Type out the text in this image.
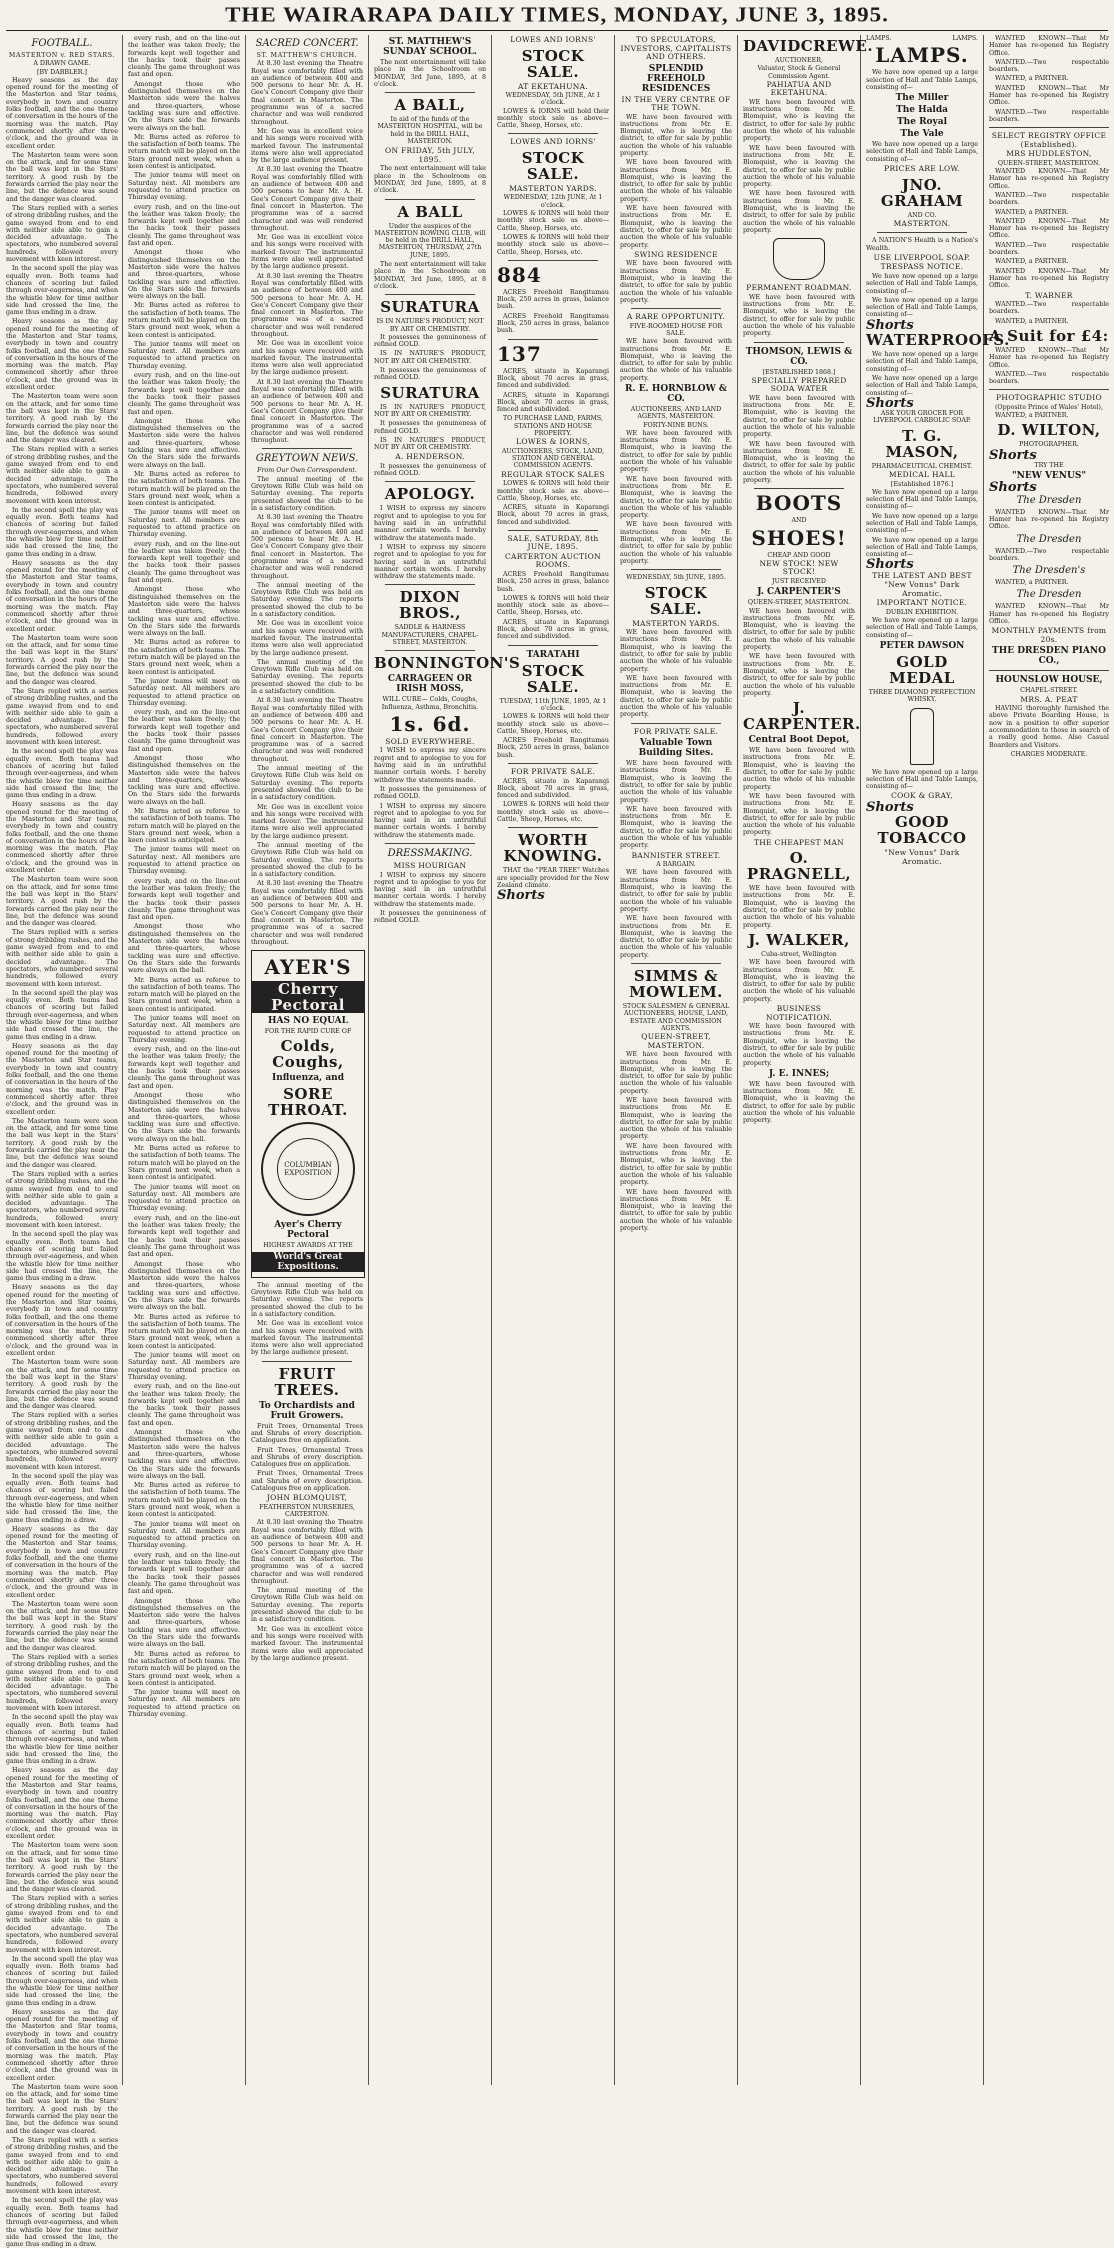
THE WAIRARAPA DAILY TIMES, MONDAY, JUNE 3, 1895.
FOOTBALL.
MASTERTON v. RED STARS.
A DRAWN GAME.
[BY DABBLER.]

Heavy seasons as the day opened round for the meeting of the Masterton and Star teams, everybody in town and country folks football, and the one theme of conversation in the hours of the morning was the match. Play commenced shortly after three o'clock, and the ground was in excellent order.

The Masterton team were soon on the attack, and for some time the ball was kept in the Stars' territory. A good rush by the forwards carried the play near the line, but the defence was sound and the danger was cleared.

The Stars replied with a series of strong dribbling rushes, and the game swayed from end to end with neither side able to gain a decided advantage. The spectators, who numbered several hundreds, followed every movement with keen interest.

In the second spell the play was equally even. Both teams had chances of scoring but failed through over-eagerness, and when the whistle blew for time neither side had crossed the line, the game thus ending in a draw.

Heavy seasons as the day opened round for the meeting of the Masterton and Star teams, everybody in town and country folks football, and the one theme of conversation in the hours of the morning was the match. Play commenced shortly after three o'clock, and the ground was in excellent order.

The Masterton team were soon on the attack, and for some time the ball was kept in the Stars' territory. A good rush by the forwards carried the play near the line, but the defence was sound and the danger was cleared.

The Stars replied with a series of strong dribbling rushes, and the game swayed from end to end with neither side able to gain a decided advantage. The spectators, who numbered several hundreds, followed every movement with keen interest.

In the second spell the play was equally even. Both teams had chances of scoring but failed through over-eagerness, and when the whistle blew for time neither side had crossed the line, the game thus ending in a draw.

Heavy seasons as the day opened round for the meeting of the Masterton and Star teams, everybody in town and country folks football, and the one theme of conversation in the hours of the morning was the match. Play commenced shortly after three o'clock, and the ground was in excellent order.

The Masterton team were soon on the attack, and for some time the ball was kept in the Stars' territory. A good rush by the forwards carried the play near the line, but the defence was sound and the danger was cleared.

The Stars replied with a series of strong dribbling rushes, and the game swayed from end to end with neither side able to gain a decided advantage. The spectators, who numbered several hundreds, followed every movement with keen interest.

In the second spell the play was equally even. Both teams had chances of scoring but failed through over-eagerness, and when the whistle blew for time neither side had crossed the line, the game thus ending in a draw.

Heavy seasons as the day opened round for the meeting of the Masterton and Star teams, everybody in town and country folks football, and the one theme of conversation in the hours of the morning was the match. Play commenced shortly after three o'clock, and the ground was in excellent order.

The Masterton team were soon on the attack, and for some time the ball was kept in the Stars' territory. A good rush by the forwards carried the play near the line, but the defence was sound and the danger was cleared.

The Stars replied with a series of strong dribbling rushes, and the game swayed from end to end with neither side able to gain a decided advantage. The spectators, who numbered several hundreds, followed every movement with keen interest.

In the second spell the play was equally even. Both teams had chances of scoring but failed through over-eagerness, and when the whistle blew for time neither side had crossed the line, the game thus ending in a draw.

Heavy seasons as the day opened round for the meeting of the Masterton and Star teams, everybody in town and country folks football, and the one theme of conversation in the hours of the morning was the match. Play commenced shortly after three o'clock, and the ground was in excellent order.

The Masterton team were soon on the attack, and for some time the ball was kept in the Stars' territory. A good rush by the forwards carried the play near the line, but the defence was sound and the danger was cleared.

The Stars replied with a series of strong dribbling rushes, and the game swayed from end to end with neither side able to gain a decided advantage. The spectators, who numbered several hundreds, followed every movement with keen interest.

In the second spell the play was equally even. Both teams had chances of scoring but failed through over-eagerness, and when the whistle blew for time neither side had crossed the line, the game thus ending in a draw.

Heavy seasons as the day opened round for the meeting of the Masterton and Star teams, everybody in town and country folks football, and the one theme of conversation in the hours of the morning was the match. Play commenced shortly after three o'clock, and the ground was in excellent order.

The Masterton team were soon on the attack, and for some time the ball was kept in the Stars' territory. A good rush by the forwards carried the play near the line, but the defence was sound and the danger was cleared.

The Stars replied with a series of strong dribbling rushes, and the game swayed from end to end with neither side able to gain a decided advantage. The spectators, who numbered several hundreds, followed every movement with keen interest.

In the second spell the play was equally even. Both teams had chances of scoring but failed through over-eagerness, and when the whistle blew for time neither side had crossed the line, the game thus ending in a draw.

Heavy seasons as the day opened round for the meeting of the Masterton and Star teams, everybody in town and country folks football, and the one theme of conversation in the hours of the morning was the match. Play commenced shortly after three o'clock, and the ground was in excellent order.

The Masterton team were soon on the attack, and for some time the ball was kept in the Stars' territory. A good rush by the forwards carried the play near the line, but the defence was sound and the danger was cleared.

The Stars replied with a series of strong dribbling rushes, and the game swayed from end to end with neither side able to gain a decided advantage. The spectators, who numbered several hundreds, followed every movement with keen interest.

In the second spell the play was equally even. Both teams had chances of scoring but failed through over-eagerness, and when the whistle blew for time neither side had crossed the line, the game thus ending in a draw.

Heavy seasons as the day opened round for the meeting of the Masterton and Star teams, everybody in town and country folks football, and the one theme of conversation in the hours of the morning was the match. Play commenced shortly after three o'clock, and the ground was in excellent order.

The Masterton team were soon on the attack, and for some time the ball was kept in the Stars' territory. A good rush by the forwards carried the play near the line, but the defence was sound and the danger was cleared.

The Stars replied with a series of strong dribbling rushes, and the game swayed from end to end with neither side able to gain a decided advantage. The spectators, who numbered several hundreds, followed every movement with keen interest.

In the second spell the play was equally even. Both teams had chances of scoring but failed through over-eagerness, and when the whistle blew for time neither side had crossed the line, the game thus ending in a draw.

Heavy seasons as the day opened round for the meeting of the Masterton and Star teams, everybody in town and country folks football, and the one theme of conversation in the hours of the morning was the match. Play commenced shortly after three o'clock, and the ground was in excellent order.

The Masterton team were soon on the attack, and for some time the ball was kept in the Stars' territory. A good rush by the forwards carried the play near the line, but the defence was sound and the danger was cleared.

The Stars replied with a series of strong dribbling rushes, and the game swayed from end to end with neither side able to gain a decided advantage. The spectators, who numbered several hundreds, followed every movement with keen interest.

In the second spell the play was equally even. Both teams had chances of scoring but failed through over-eagerness, and when the whistle blew for time neither side had crossed the line, the game thus ending in a draw.

every rush, and on the line-out the leather was taken freely; the forwards kept well together and the backs took their passes cleanly. The game throughout was fast and open.

Amongst those who distinguished themselves on the Masterton side were the halves and three-quarters, whose tackling was sure and effective. On the Stars side the forwards were always on the ball.

Mr. Burns acted as referee to the satisfaction of both teams. The return match will be played on the Stars ground next week, when a keen contest is anticipated.

The junior teams will meet on Saturday next. All members are requested to attend practice on Thursday evening.

every rush, and on the line-out the leather was taken freely; the forwards kept well together and the backs took their passes cleanly. The game throughout was fast and open.

Amongst those who distinguished themselves on the Masterton side were the halves and three-quarters, whose tackling was sure and effective. On the Stars side the forwards were always on the ball.

Mr. Burns acted as referee to the satisfaction of both teams. The return match will be played on the Stars ground next week, when a keen contest is anticipated.

The junior teams will meet on Saturday next. All members are requested to attend practice on Thursday evening.

every rush, and on the line-out the leather was taken freely; the forwards kept well together and the backs took their passes cleanly. The game throughout was fast and open.

Amongst those who distinguished themselves on the Masterton side were the halves and three-quarters, whose tackling was sure and effective. On the Stars side the forwards were always on the ball.

Mr. Burns acted as referee to the satisfaction of both teams. The return match will be played on the Stars ground next week, when a keen contest is anticipated.

The junior teams will meet on Saturday next. All members are requested to attend practice on Thursday evening.

every rush, and on the line-out the leather was taken freely; the forwards kept well together and the backs took their passes cleanly. The game throughout was fast and open.

Amongst those who distinguished themselves on the Masterton side were the halves and three-quarters, whose tackling was sure and effective. On the Stars side the forwards were always on the ball.

Mr. Burns acted as referee to the satisfaction of both teams. The return match will be played on the Stars ground next week, when a keen contest is anticipated.

The junior teams will meet on Saturday next. All members are requested to attend practice on Thursday evening.

every rush, and on the line-out the leather was taken freely; the forwards kept well together and the backs took their passes cleanly. The game throughout was fast and open.

Amongst those who distinguished themselves on the Masterton side were the halves and three-quarters, whose tackling was sure and effective. On the Stars side the forwards were always on the ball.

Mr. Burns acted as referee to the satisfaction of both teams. The return match will be played on the Stars ground next week, when a keen contest is anticipated.

The junior teams will meet on Saturday next. All members are requested to attend practice on Thursday evening.

every rush, and on the line-out the leather was taken freely; the forwards kept well together and the backs took their passes cleanly. The game throughout was fast and open.

Amongst those who distinguished themselves on the Masterton side were the halves and three-quarters, whose tackling was sure and effective. On the Stars side the forwards were always on the ball.

Mr. Burns acted as referee to the satisfaction of both teams. The return match will be played on the Stars ground next week, when a keen contest is anticipated.

The junior teams will meet on Saturday next. All members are requested to attend practice on Thursday evening.

every rush, and on the line-out the leather was taken freely; the forwards kept well together and the backs took their passes cleanly. The game throughout was fast and open.

Amongst those who distinguished themselves on the Masterton side were the halves and three-quarters, whose tackling was sure and effective. On the Stars side the forwards were always on the ball.

Mr. Burns acted as referee to the satisfaction of both teams. The return match will be played on the Stars ground next week, when a keen contest is anticipated.

The junior teams will meet on Saturday next. All members are requested to attend practice on Thursday evening.

every rush, and on the line-out the leather was taken freely; the forwards kept well together and the backs took their passes cleanly. The game throughout was fast and open.

Amongst those who distinguished themselves on the Masterton side were the halves and three-quarters, whose tackling was sure and effective. On the Stars side the forwards were always on the ball.

Mr. Burns acted as referee to the satisfaction of both teams. The return match will be played on the Stars ground next week, when a keen contest is anticipated.

The junior teams will meet on Saturday next. All members are requested to attend practice on Thursday evening.

every rush, and on the line-out the leather was taken freely; the forwards kept well together and the backs took their passes cleanly. The game throughout was fast and open.

Amongst those who distinguished themselves on the Masterton side were the halves and three-quarters, whose tackling was sure and effective. On the Stars side the forwards were always on the ball.

Mr. Burns acted as referee to the satisfaction of both teams. The return match will be played on the Stars ground next week, when a keen contest is anticipated.

The junior teams will meet on Saturday next. All members are requested to attend practice on Thursday evening.

every rush, and on the line-out the leather was taken freely; the forwards kept well together and the backs took their passes cleanly. The game throughout was fast and open.

Amongst those who distinguished themselves on the Masterton side were the halves and three-quarters, whose tackling was sure and effective. On the Stars side the forwards were always on the ball.

Mr. Burns acted as referee to the satisfaction of both teams. The return match will be played on the Stars ground next week, when a keen contest is anticipated.

The junior teams will meet on Saturday next. All members are requested to attend practice on Thursday evening.

SACRED CONCERT.
ST. MATTHEW'S CHURCH.

At 8.30 last evening the Theatre Royal was comfortably filled with an audience of between 400 and 500 persons to hear Mr. A. H. Gee's Concert Company give their final concert in Masterton. The programme was of a sacred character and was well rendered throughout.

Mr. Gee was in excellent voice and his songs were received with marked favour. The instrumental items were also well appreciated by the large audience present.

At 8.30 last evening the Theatre Royal was comfortably filled with an audience of between 400 and 500 persons to hear Mr. A. H. Gee's Concert Company give their final concert in Masterton. The programme was of a sacred character and was well rendered throughout.

Mr. Gee was in excellent voice and his songs were received with marked favour. The instrumental items were also well appreciated by the large audience present.

At 8.30 last evening the Theatre Royal was comfortably filled with an audience of between 400 and 500 persons to hear Mr. A. H. Gee's Concert Company give their final concert in Masterton. The programme was of a sacred character and was well rendered throughout.

Mr. Gee was in excellent voice and his songs were received with marked favour. The instrumental items were also well appreciated by the large audience present.

At 8.30 last evening the Theatre Royal was comfortably filled with an audience of between 400 and 500 persons to hear Mr. A. H. Gee's Concert Company give their final concert in Masterton. The programme was of a sacred character and was well rendered throughout.

GREYTOWN NEWS.
From Our Own Correspondent.

The annual meeting of the Greytown Rifle Club was held on Saturday evening. The reports presented showed the club to be in a satisfactory condition.

At 8.30 last evening the Theatre Royal was comfortably filled with an audience of between 400 and 500 persons to hear Mr. A. H. Gee's Concert Company give their final concert in Masterton. The programme was of a sacred character and was well rendered throughout.

The annual meeting of the Greytown Rifle Club was held on Saturday evening. The reports presented showed the club to be in a satisfactory condition.

Mr. Gee was in excellent voice and his songs were received with marked favour. The instrumental items were also well appreciated by the large audience present.

The annual meeting of the Greytown Rifle Club was held on Saturday evening. The reports presented showed the club to be in a satisfactory condition.

At 8.30 last evening the Theatre Royal was comfortably filled with an audience of between 400 and 500 persons to hear Mr. A. H. Gee's Concert Company give their final concert in Masterton. The programme was of a sacred character and was well rendered throughout.

The annual meeting of the Greytown Rifle Club was held on Saturday evening. The reports presented showed the club to be in a satisfactory condition.

Mr. Gee was in excellent voice and his songs were received with marked favour. The instrumental items were also well appreciated by the large audience present.

The annual meeting of the Greytown Rifle Club was held on Saturday evening. The reports presented showed the club to be in a satisfactory condition.

At 8.30 last evening the Theatre Royal was comfortably filled with an audience of between 400 and 500 persons to hear Mr. A. H. Gee's Concert Company give their final concert in Masterton. The programme was of a sacred character and was well rendered throughout.

AYER'S
Cherry Pectoral
HAS NO EQUAL
FOR THE RAPID CURE OF
Colds, Coughs,
Influenza, and
SORE THROAT.
COLUMBIAN EXPOSITION
Ayer's Cherry Pectoral
HIGHEST AWARDS AT THE
World's Great Expositions.

The annual meeting of the Greytown Rifle Club was held on Saturday evening. The reports presented showed the club to be in a satisfactory condition.

Mr. Gee was in excellent voice and his songs were received with marked favour. The instrumental items were also well appreciated by the large audience present.

FRUIT TREES.
To Orchardists and Fruit Growers.

Fruit Trees, Ornamental Trees and Shrubs of every description. Catalogues free on application.

Fruit Trees, Ornamental Trees and Shrubs of every description. Catalogues free on application.

Fruit Trees, Ornamental Trees and Shrubs of every description. Catalogues free on application.

JOHN BLOMQUIST,
FEATHERSTON NURSERIES, CARTERTON.

At 8.30 last evening the Theatre Royal was comfortably filled with an audience of between 400 and 500 persons to hear Mr. A. H. Gee's Concert Company give their final concert in Masterton. The programme was of a sacred character and was well rendered throughout.

The annual meeting of the Greytown Rifle Club was held on Saturday evening. The reports presented showed the club to be in a satisfactory condition.

Mr. Gee was in excellent voice and his songs were received with marked favour. The instrumental items were also well appreciated by the large audience present.

ST. MATTHEW'S SUNDAY SCHOOL.

The next entertainment will take place in the Schoolroom on MONDAY, 3rd June, 1895, at 8 o'clock.

A BALL,

In aid of the funds of the MASTERTON HOSPITAL, will be held in the DRILL HALL, MASTERTON.

ON FRIDAY, 5th JULY, 1895.

The next entertainment will take place in the Schoolroom on MONDAY, 3rd June, 1895, at 8 o'clock.

A BALL

Under the auspices of the MASTERTON ROWING CLUB, will be held in the DRILL HALL, MASTERTON, THURSDAY, 27th JUNE, 1895.

The next entertainment will take place in the Schoolroom on MONDAY, 3rd June, 1895, at 8 o'clock.

SURATURA
IS IN NATURE'S PRODUCT, NOT BY ART OR CHEMISTRY.

It possesses the genuineness of refined GOLD.

IS IN NATURE'S PRODUCT, NOT BY ART OR CHEMISTRY.

It possesses the genuineness of refined GOLD.

SURATURA

IS IN NATURE'S PRODUCT, NOT BY ART OR CHEMISTRY.

It possesses the genuineness of refined GOLD.

IS IN NATURE'S PRODUCT, NOT BY ART OR CHEMISTRY.

A. HENDERSON.

It possesses the genuineness of refined GOLD.

APOLOGY.

I WISH to express my sincere regret and to apologise to you for having said in an untruthful manner certain words. I hereby withdraw the statements made.

I WISH to express my sincere regret and to apologise to you for having said in an untruthful manner certain words. I hereby withdraw the statements made.

DIXON BROS.,
SADDLE & HARNESS MANUFACTURERS, CHAPEL-STREET, MASTERTON.
BONNINGTON'S
CARRAGEEN OR IRISH MOSS,
WILL CURE— Colds, Coughs, Influenza, Asthma, Bronchitis.
1s. 6d.
SOLD EVERYWHERE.

I WISH to express my sincere regret and to apologise to you for having said in an untruthful manner certain words. I hereby withdraw the statements made.

It possesses the genuineness of refined GOLD.

I WISH to express my sincere regret and to apologise to you for having said in an untruthful manner certain words. I hereby withdraw the statements made.

DRESSMAKING.
MISS HOURIGAN

I WISH to express my sincere regret and to apologise to you for having said in an untruthful manner certain words. I hereby withdraw the statements made.

It possesses the genuineness of refined GOLD.

LOWES AND IORNS'
STOCK SALE.
AT EKETAHUNA.
WEDNESDAY, 5th JUNE, At 1 o'clock.

LOWES & IORNS will hold their monthly stock sale as above— Cattle, Sheep, Horses, etc.

LOWES AND IORNS'
STOCK SALE.
MASTERTON YARDS.
WEDNESDAY, 12th JUNE, At 1 o'clock.

LOWES & IORNS will hold their monthly stock sale as above— Cattle, Sheep, Horses, etc.

LOWES & IORNS will hold their monthly stock sale as above— Cattle, Sheep, Horses, etc.

884

ACRES Freehold Rangitumau Block, 250 acres in grass, balance bush.

ACRES Freehold Rangitumau Block, 250 acres in grass, balance bush.

137

ACRES, situate in Kaparangi Block, about 70 acres in grass, fenced and subdivided.

ACRES, situate in Kaparangi Block, about 70 acres in grass, fenced and subdivided.

TO PURCHASE LAND, FARMS, STATIONS AND HOUSE PROPERTY.
LOWES & IORNS,
AUCTIONEERS, STOCK, LAND, STATION AND GENERAL COMMISSION AGENTS.
REGULAR STOCK SALES

LOWES & IORNS will hold their monthly stock sale as above— Cattle, Sheep, Horses, etc.

ACRES, situate in Kaparangi Block, about 70 acres in grass, fenced and subdivided.

SALE, SATURDAY, 8th JUNE, 1895.
CARTERTON AUCTION ROOMS.

ACRES Freehold Rangitumau Block, 250 acres in grass, balance bush.

LOWES & IORNS will hold their monthly stock sale as above— Cattle, Sheep, Horses, etc.

ACRES, situate in Kaparangi Block, about 70 acres in grass, fenced and subdivided.

TARATAHI
STOCK SALE.
TUESDAY, 11th JUNE, 1895, At 1 o'clock.

LOWES & IORNS will hold their monthly stock sale as above— Cattle, Sheep, Horses, etc.

ACRES Freehold Rangitumau Block, 250 acres in grass, balance bush.

FOR PRIVATE SALE.

ACRES, situate in Kaparangi Block, about 70 acres in grass, fenced and subdivided.

LOWES & IORNS will hold their monthly stock sale as above— Cattle, Sheep, Horses, etc.

WORTH KNOWING.

THAT the "PEAR TREE" Watches are specially provided for the New Zealand climate.

Shorts
TO SPECULATORS, INVESTORS, CAPITALISTS AND OTHERS.
SPLENDID FREEHOLD RESIDENCES
IN THE VERY CENTRE OF THE TOWN.

WE have been favoured with instructions from Mr. E. Blomquist, who is leaving the district, to offer for sale by public auction the whole of his valuable property.

WE have been favoured with instructions from Mr. E. Blomquist, who is leaving the district, to offer for sale by public auction the whole of his valuable property.

WE have been favoured with instructions from Mr. E. Blomquist, who is leaving the district, to offer for sale by public auction the whole of his valuable property.

SWING RESIDENCE

WE have been favoured with instructions from Mr. E. Blomquist, who is leaving the district, to offer for sale by public auction the whole of his valuable property.

A RARE OPPORTUNITY.
FIVE-ROOMED HOUSE FOR SALE.

WE have been favoured with instructions from Mr. E. Blomquist, who is leaving the district, to offer for sale by public auction the whole of his valuable property.

R. E. HORNBLOW & CO.
AUCTIONEERS, AND LAND AGENTS, MASTERTON.
FORTY-NINE BUNS.

WE have been favoured with instructions from Mr. E. Blomquist, who is leaving the district, to offer for sale by public auction the whole of his valuable property.

WE have been favoured with instructions from Mr. E. Blomquist, who is leaving the district, to offer for sale by public auction the whole of his valuable property.

WE have been favoured with instructions from Mr. E. Blomquist, who is leaving the district, to offer for sale by public auction the whole of his valuable property.

WEDNESDAY, 5th JUNE, 1895.
STOCK SALE.
MASTERTON YARDS.

WE have been favoured with instructions from Mr. E. Blomquist, who is leaving the district, to offer for sale by public auction the whole of his valuable property.

WE have been favoured with instructions from Mr. E. Blomquist, who is leaving the district, to offer for sale by public auction the whole of his valuable property.

FOR PRIVATE SALE.
Valuable Town Building Sites.

WE have been favoured with instructions from Mr. E. Blomquist, who is leaving the district, to offer for sale by public auction the whole of his valuable property.

WE have been favoured with instructions from Mr. E. Blomquist, who is leaving the district, to offer for sale by public auction the whole of his valuable property.

BANNISTER STREET.
A BARGAIN.

WE have been favoured with instructions from Mr. E. Blomquist, who is leaving the district, to offer for sale by public auction the whole of his valuable property.

WE have been favoured with instructions from Mr. E. Blomquist, who is leaving the district, to offer for sale by public auction the whole of his valuable property.

SIMMS & MOWLEM.
STOCK SALESMEN & GENERAL AUCTIONEERS, HOUSE, LAND, ESTATE AND COMMISSION AGENTS.
QUEEN-STREET, MASTERTON.

WE have been favoured with instructions from Mr. E. Blomquist, who is leaving the district, to offer for sale by public auction the whole of his valuable property.

WE have been favoured with instructions from Mr. E. Blomquist, who is leaving the district, to offer for sale by public auction the whole of his valuable property.

WE have been favoured with instructions from Mr. E. Blomquist, who is leaving the district, to offer for sale by public auction the whole of his valuable property.

WE have been favoured with instructions from Mr. E. Blomquist, who is leaving the district, to offer for sale by public auction the whole of his valuable property.

DAVIDCREWE.
AUCTIONEER,
Valuator, Stock & General Commission Agent.
PAHIATUA AND EKETAHUNA.

WE have been favoured with instructions from Mr. E. Blomquist, who is leaving the district, to offer for sale by public auction the whole of his valuable property.

WE have been favoured with instructions from Mr. E. Blomquist, who is leaving the district, to offer for sale by public auction the whole of his valuable property.

WE have been favoured with instructions from Mr. E. Blomquist, who is leaving the district, to offer for sale by public auction the whole of his valuable property.

PERMANENT ROADMAN.

WE have been favoured with instructions from Mr. E. Blomquist, who is leaving the district, to offer for sale by public auction the whole of his valuable property.

THOMSON, LEWIS & CO.
[ESTABLISHED 1868.]
SPECIALLY PREPARED SODA WATER

WE have been favoured with instructions from Mr. E. Blomquist, who is leaving the district, to offer for sale by public auction the whole of his valuable property.

WE have been favoured with instructions from Mr. E. Blomquist, who is leaving the district, to offer for sale by public auction the whole of his valuable property.

BOOTS
AND
SHOES!
CHEAP AND GOOD
NEW STOCK! NEW STOCK!
JUST RECEIVED
J. CARPENTER'S
QUEEN-STREET, MASTERTON.

WE have been favoured with instructions from Mr. E. Blomquist, who is leaving the district, to offer for sale by public auction the whole of his valuable property.

WE have been favoured with instructions from Mr. E. Blomquist, who is leaving the district, to offer for sale by public auction the whole of his valuable property.

J. CARPENTER.
Central Boot Depot,

WE have been favoured with instructions from Mr. E. Blomquist, who is leaving the district, to offer for sale by public auction the whole of his valuable property.

WE have been favoured with instructions from Mr. E. Blomquist, who is leaving the district, to offer for sale by public auction the whole of his valuable property.

THE CHEAPEST MAN
O. PRAGNELL,

WE have been favoured with instructions from Mr. E. Blomquist, who is leaving the district, to offer for sale by public auction the whole of his valuable property.

J. WALKER,
Cuba-street, Wellington

WE have been favoured with instructions from Mr. E. Blomquist, who is leaving the district, to offer for sale by public auction the whole of his valuable property.

BUSINESS NOTIFICATION.

WE have been favoured with instructions from Mr. E. Blomquist, who is leaving the district, to offer for sale by public auction the whole of his valuable property.

J. E. INNES;

WE have been favoured with instructions from Mr. E. Blomquist, who is leaving the district, to offer for sale by public auction the whole of his valuable property.

LAMPS.	LAMPS.
LAMPS.

We have now opened up a large selection of Hall and Table Lamps, consisting of—

The Miller
The Halda
The Royal
The Vale

We have now opened up a large selection of Hall and Table Lamps, consisting of—

PRICES ARE LOW.
JNO. GRAHAM
AND CO.
MASTERTON.

A NATION'S Health is a Nation's Wealth.

USE LIVERPOOL SOAP.
TRESPASS NOTICE.

We have now opened up a large selection of Hall and Table Lamps, consisting of—

We have now opened up a large selection of Hall and Table Lamps, consisting of—

Shorts
WATERPROOFS.

We have now opened up a large selection of Hall and Table Lamps, consisting of—

We have now opened up a large selection of Hall and Table Lamps, consisting of—

Shorts
ASK YOUR GROCER FOR LIVERPOOL CARBOLIC SOAP.
T. G. MASON,
PHARMACEUTICAL CHEMIST.
MEDICAL HALL
[Established 1876.]

We have now opened up a large selection of Hall and Table Lamps, consisting of—

We have now opened up a large selection of Hall and Table Lamps, consisting of—

We have now opened up a large selection of Hall and Table Lamps, consisting of—

Shorts
THE LATEST AND BEST
"New Vonus" Dark Aromatic.
IMPORTANT NOTICE.
DUBLIN EXHIBITION.

We have now opened up a large selection of Hall and Table Lamps, consisting of—

PETER DAWSON
GOLD MEDAL
THREE DIAMOND PERFECTION WHISKY.

We have now opened up a large selection of Hall and Table Lamps, consisting of—

COOK & GRAY,
Shorts
GOOD TOBACCO
"New Vonus" Dark Aromatic.

WANTED KNOWN—That Mr Hamer has re-opened his Registry Office.

WANTED.—Two respectable boarders.

WANTED, a PARTNER.

WANTED KNOWN—That Mr Hamer has re-opened his Registry Office.

WANTED.—Two respectable boarders.

SELECT REGISTRY OFFICE (Established).
MRS HUDDLESTON,
QUEEN-STREET, MASTERTON.

WANTED KNOWN—That Mr Hamer has re-opened his Registry Office.

WANTED.—Two respectable boarders.

WANTED, a PARTNER.

WANTED KNOWN—That Mr Hamer has re-opened his Registry Office.

WANTED.—Two respectable boarders.

WANTED, a PARTNER.

WANTED KNOWN—That Mr Hamer has re-opened his Registry Office.

T. WARNER

WANTED.—Two respectable boarders.

WANTED, a PARTNER.

A Suit for £4:

WANTED KNOWN—That Mr Hamer has re-opened his Registry Office.

WANTED.—Two respectable boarders.

PHOTOGRAPHIC STUDIO
(Opposite Prince of Wales' Hotel),

WANTED, a PARTNER.

D. WILTON,
PHOTOGRAPHER.
Shorts
TRY THE
"NEW VENUS"
Shorts
The Dresden

WANTED KNOWN—That Mr Hamer has re-opened his Registry Office.

The Dresden

WANTED.—Two respectable boarders.

The Dresden's

WANTED, a PARTNER.

The Dresden

WANTED KNOWN—That Mr Hamer has re-opened his Registry Office.

MONTHLY PAYMENTS from 20s.
THE DRESDEN PIANO CO.,
HOUNSLOW HOUSE,
CHAPEL-STREET.
MRS. A. PEAT

HAVING thoroughly furnished the above Private Boarding House, is now in a position to offer superior accommodation to those in search of a really good home. Also Casual Boarders and Visitors.

CHARGES MODERATE.
